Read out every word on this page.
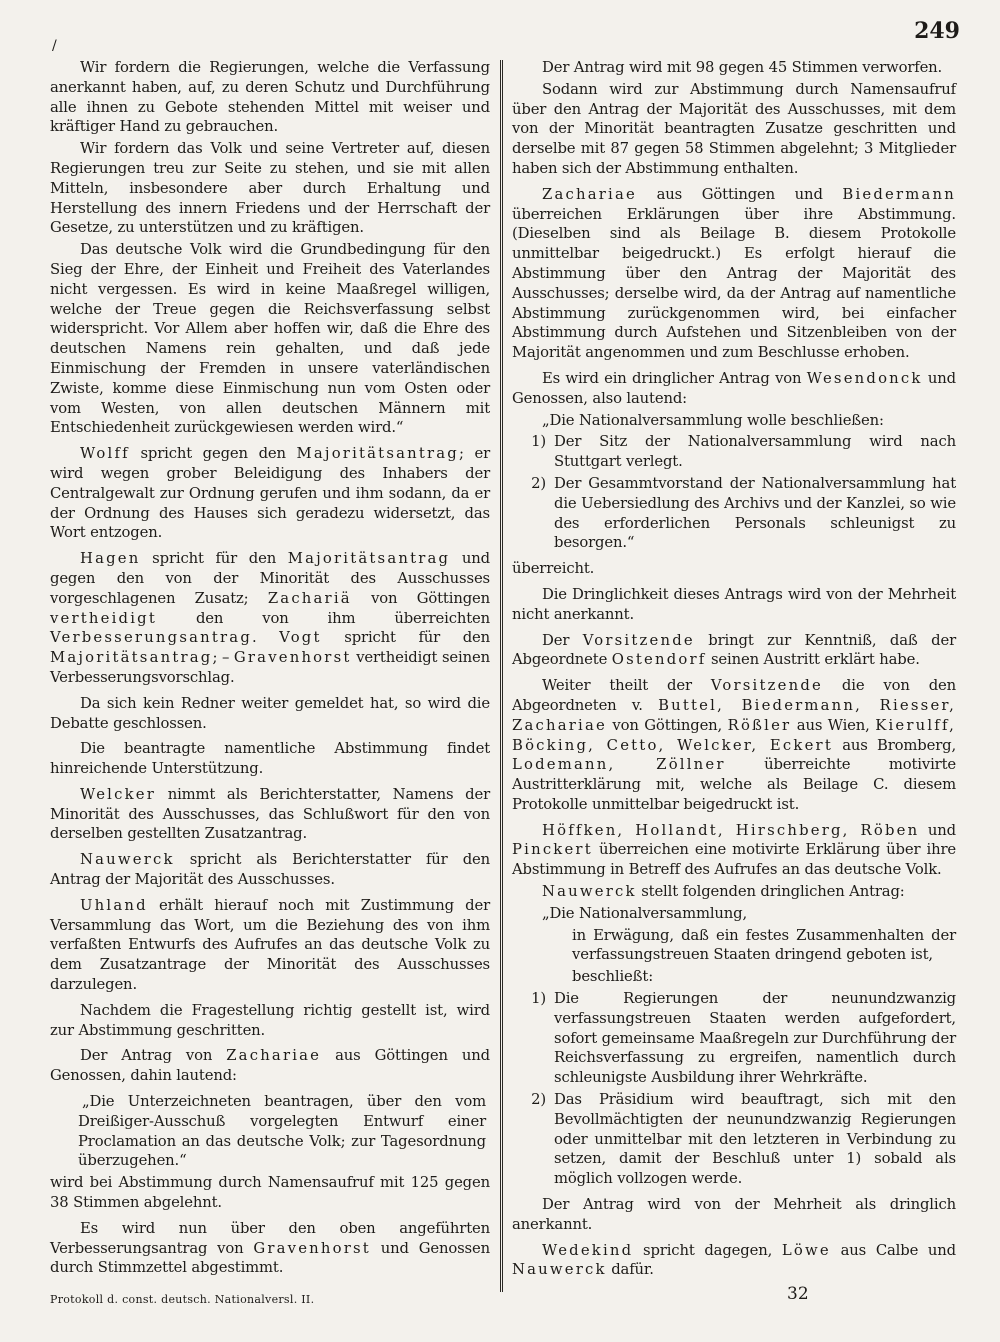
/
249

Wir fordern die Regierungen, welche die Verfassung anerkannt haben, auf, zu deren Schutz und Durchführung alle ihnen zu Gebote stehenden Mittel mit weiser und kräftiger Hand zu gebrauchen.

Wir fordern das Volk und seine Vertreter auf, diesen Regierungen treu zur Seite zu stehen, und sie mit allen Mitteln, insbesondere aber durch Erhaltung und Herstellung des innern Friedens und der Herrschaft der Gesetze, zu unterstützen und zu kräftigen.

Das deutsche Volk wird die Grundbedingung für den Sieg der Ehre, der Einheit und Freiheit des Vaterlandes nicht vergessen. Es wird in keine Maaßregel willigen, welche der Treue gegen die Reichsverfassung selbst widerspricht. Vor Allem aber hoffen wir, daß die Ehre des deutschen Namens rein gehalten, und daß jede Einmischung der Fremden in unsere vaterländischen Zwiste, komme diese Einmischung nun vom Osten oder vom Westen, von allen deutschen Männern mit Entschiedenheit zurückgewiesen werden wird.“

Wolff spricht gegen den Majoritätsantrag; er wird wegen grober Beleidigung des Inhabers der Centralgewalt zur Ordnung gerufen und ihm sodann, da er der Ordnung des Hauses sich geradezu widersetzt, das Wort entzogen.

Hagen spricht für den Majoritätsantrag und gegen den von der Minorität des Ausschusses vorgeschlagenen Zusatz; Zachariä von Göttingen vertheidigt den von ihm überreichten Verbesserungsantrag. Vogt spricht für den Majoritätsantrag; – Gravenhorst vertheidigt seinen Verbesserungsvorschlag.

Da sich kein Redner weiter gemeldet hat, so wird die Debatte geschlossen.

Die beantragte namentliche Abstimmung findet hinreichende Unterstützung.

Welcker nimmt als Berichterstatter, Namens der Minorität des Ausschusses, das Schlußwort für den von derselben gestellten Zusatzantrag.

Nauwerck spricht als Berichterstatter für den Antrag der Majorität des Ausschusses.

Uhland erhält hierauf noch mit Zustimmung der Versammlung das Wort, um die Beziehung des von ihm verfaßten Entwurfs des Aufrufes an das deutsche Volk zu dem Zusatzantrage der Minorität des Ausschusses darzulegen.

Nachdem die Fragestellung richtig gestellt ist, wird zur Abstimmung geschritten.

Der Antrag von Zachariae aus Göttingen und Genossen, dahin lautend:

„Die Unterzeichneten beantragen, über den vom Dreißiger-Ausschuß vorgelegten Entwurf einer Proclamation an das deutsche Volk; zur Tagesordnung überzugehen.“

wird bei Abstimmung durch Namensaufruf mit 125 gegen 38 Stimmen abgelehnt.

Es wird nun über den oben angeführten Verbesserungsantrag von Gravenhorst und Genossen durch Stimmzettel abgestimmt.

Der Antrag wird mit 98 gegen 45 Stimmen verworfen.

Sodann wird zur Abstimmung durch Namensaufruf über den Antrag der Majorität des Ausschusses, mit dem von der Minorität beantragten Zusatze geschritten und derselbe mit 87 gegen 58 Stimmen abgelehnt; 3 Mitglieder haben sich der Abstimmung enthalten.

Zachariae aus Göttingen und Biedermann überreichen Erklärungen über ihre Abstimmung. (Dieselben sind als Beilage B. diesem Protokolle unmittelbar beigedruckt.) Es erfolgt hierauf die Abstimmung über den Antrag der Majorität des Ausschusses; derselbe wird, da der Antrag auf namentliche Abstimmung zurückgenommen wird, bei einfacher Abstimmung durch Aufstehen und Sitzenbleiben von der Majorität angenommen und zum Beschlusse erhoben.

Es wird ein dringlicher Antrag von Wesendonck und Genossen, also lautend:

„Die Nationalversammlung wolle beschließen:

1) Der Sitz der Nationalversammlung wird nach Stuttgart verlegt.
2) Der Gesammtvorstand der Nationalversammlung hat die Uebersiedlung des Archivs und der Kanzlei, so wie des erforderlichen Personals schleunigst zu besorgen.“

überreicht.

Die Dringlichkeit dieses Antrags wird von der Mehrheit nicht anerkannt.

Der Vorsitzende bringt zur Kenntniß, daß der Abgeordnete Ostendorf seinen Austritt erklärt habe.

Weiter theilt der Vorsitzende die von den Abgeordneten v. Buttel, Biedermann, Riesser, Zachariae von Göttingen, Rößler aus Wien, Kierulff, Böcking, Cetto, Welcker, Eckert aus Bromberg, Lodemann, Zöllner überreichte motivirte Austritterklärung mit, welche als Beilage C. diesem Protokolle unmittelbar beigedruckt ist.

Höffken, Hollandt, Hirschberg, Röben und Pinckert überreichen eine motivirte Erklärung über ihre Abstimmung in Betreff des Aufrufes an das deutsche Volk.

Nauwerck stellt folgenden dringlichen Antrag:

„Die Nationalversammlung,

in Erwägung, daß ein festes Zusammenhalten der verfassungstreuen Staaten dringend geboten ist,

beschließt:

1) Die Regierungen der neunundzwanzig verfassungstreuen Staaten werden aufgefordert, sofort gemeinsame Maaßregeln zur Durchführung der Reichsverfassung zu ergreifen, namentlich durch schleunigste Ausbildung ihrer Wehrkräfte.
2) Das Präsidium wird beauftragt, sich mit den Bevollmächtigten der neunundzwanzig Regierungen oder unmittelbar mit den letzteren in Verbindung zu setzen, damit der Beschluß unter 1) sobald als möglich vollzogen werde.

Der Antrag wird von der Mehrheit als dringlich anerkannt.

Wedekind spricht dagegen, Löwe aus Calbe und Nauwerck dafür.

Protokoll d. const. deutsch. Nationalversl. II.	32
